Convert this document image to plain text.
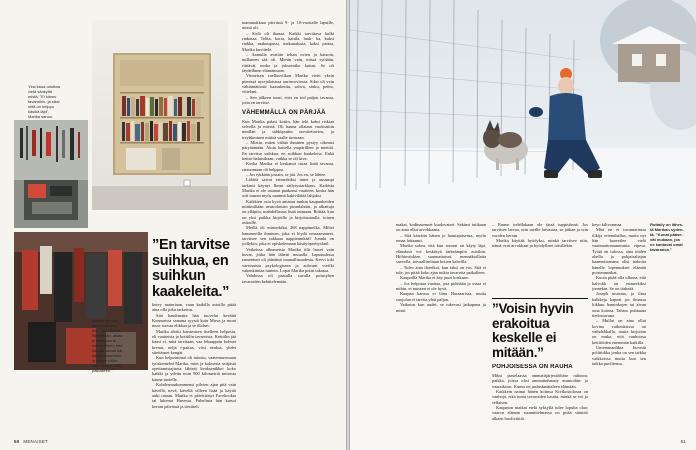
Yksi kaua odottaa
vielä sänkyltä
mistä. "Ei kiinnu
tavaroihin, ja siksi
niitä on helppo
käsikä läpi",
Marika sanoo.
Marika on mari-
talsut varasto-
tiin. "Jos lähtem-
hihtämään, aikaa
ja energiaa ei
mene siihen, että
haluan kamat kai-
kaista kaapeista
ja siihen yritän
laas nurvva niitä
paikalleen."
”En tarvitse suihkua, en suihkun kaakeleita.”

kinvy materiaan, vaan kaikilla asioilla pitää aina olla joku tarkoitus.

Sitä haudimatta hän tuovelui kevättä Konnarista samana syystä kuin Mirva ja moni muu: turvaa elikkaa ja se illalset.

Marika aloitti karsimisen itselleen helposta, eli vaatteista ja kotitilin tavaroista. Kotitilin jää kaasi ei, mitä tarvitaan, vaa lekaappiin kolmet brenut, neljä t-paitaa, viisi neulua, yhdet sitettänset kengät.

Kun helpoimmat oli tutustu, vaatemurrosaan työskenteleä Marika, mies ja kolmesta seitjästä opettamistajiseta lähteät keuksenikkei koko kaikki ja ydettu noin 900 kilometriä mitoista kauna tuotelle.

Kohdesnuukommensi pilvien ajan pitä vain kävellä, nevä, kävellä villeen lisää ja käyttä auki rataan. Marika ei päivitiäisyt Facebookia tai lukenut Huvesta. Puhelinta hän katsoi kerran päivässä ja tiesitteli

mammukkaat päivästä 9- ja 10-vuotialle lapsille, missä oli.

– Sielä oli ihanaa. Kaikki tarvittava kulki rinkassa. Teltta, koria, kattila, luuk- ka, kuksi rinkka, makuupussi, makuualusta, kaksi paitaa, Marika kuvittele.

– Aamulla avattiin teltan ovien ja katsoin, millainen sää oli. Mietin vain, missä syötään, riittävät ruoka ja jaksavatko kaisut. Se oli täydellinen elämämuoto.

Viimeisen vaellusviikon Marika vietti yksin pienissä nyrejalaisissa aurinvoviossa. Siksi oli vain välttämätöntä: kaasuketttu, sohva, säsku, peitto, viitelant.

– Sen jälkeen tunsi, ettei en tod paljon tavaraa, joita en tarvitse.

VÄHEMMÄLLÄ ON PÄRJÄÄ

Kun Marika palasi kotiin, hän teki kaksi riskiaa selvellä ja miertä. Oli hanna ollatasn vuokrattiin mmllan ja sähköputtin tavoitettaviea, ja ireyhkminen määrä vaalle tavaraan.

– Mietin, miten välätä ihminen pystyy oikeasti päryäämään. Aloin katsella ympärilleni ja miettiä. En tarvitse suihkua, en suihkun kaakeleita. Enkä keitto-haluisikaan, vaikka se oli kiva.

Koska Marika ei keskanut ostaa lisää tavaraa, ratsuomaan oli helppoa.

– Jos tykkään jostain, se jää. Jos en, se lähtee.

Lähtöä saivat esimerkiksi inner ja uusumpi tarkasti käynyt Ikean säilytystarkkaus. Kaikista Marika ei ole ostanut paakonsi vaatteen, koska hän osti tuuran myös saannut kakivilätää lahjaksi.

Kaikkien osia hyvä antanut tunkin kaupunkeiden mittimiltään neutrolaisiin pieanlahtiin, ja alkattuja on ylläpito, mahdollisuus lisää astmaan. Riittää, kun on yksi paikka kirjoille ja kirjoitustaulle, toinen astioille.

Meillä oli esimerkiksi 268 nappimeika. Miltei hammerilla ihminen, joka ei löydä omsaamaneet, tarvitsee sen rakkaaa nappiemnkää? Jonnki on joillekin, joka ei opiskelemaan käsityöperityshnil.

Vaikeissa albumeista Marika tilit lasset vain kuvat, jotka hän lähetti muualla. Lapsuudessa ramentuni oli jääninsä mamallisuudesta. Kesvi toki varsinaista psykologiseen ja aohvunt vreifkt vakenkiintaa tuntein. Lopat Marika pottti takassa.

Vahdossa oli paatulla suvalla poisnyhen tavaroiden kehittelemään.

50 MENAISET

makat, kodinasennet kuulovatset. Sekinst tuitkaan on aina ollut arvokkaana.

– Sitä kärrätin hänen jo haastajaisensa, mytin omaa laitaanni.

Marika sokea, että kun tavarat on käyty läpi, elämässä voi keskittyä tärkeämpiin asioihin. Hiihtosöskien suunnattuiset, mennäkoillatta saavolla, taivaalliseltaan kotion kahvilla.

– Tuleo aina ilotetkoi, kun taksi on vas. Sitä ei tule, jos pitää koko ajan tutkia tavaroita paikalleen.

Kaupoilla Marika ei käy juuri koskaan.

– Jos helpotaa vaattaa, jota pidetään ja ostaa ei mihin, ei muuten ei ole hyvä.

Kaupan kanssa ei liinu Haraaarissa, mutta suojolan ei tarvita yhtä paljon.

Vaikutus kun uudet, se tukevasi jatkapuna ja minä.

– Emme todellakaan ole tässä tuppisiinnä. Jos tarvitsee laivaa, niin meille laivastaa, se jatkan ja tein vuoden kerran.

Marika käyttää hyödyksi, minkä tarvitsee niin, nämä ovat arvokkaat ja hyödylliset toisillekin.

”Voisin hyvin erakoitua keskelle ei mitään.”
POHJOISESSA ON RAUHA

Miksi jaaselaassa ammattijärjestöiltäse ruhinoa; paikka, joissa olisi ammatinhausty asuntoihin: ja vaaraikoon. Kunsa on jaaluskmätaleen elämään.

Kaikkein nainut hänen kotinsa Kivikostolossa on vanhoja, eikä tuntu tavaroiden kautta, minkä se voi ja sellaisen.

Kaupaton matkat etelä syksyllä tulee lopulta olaa; vaaron eläman suunnittelmassa on pitää säästöö alkaen huoliviittiä.

keyo kilivonmaa.

Mitä ne ei tuvamatinsui ilikija eriemihallas, mutta nyt hän haaveilee vielä vaatimattomammasta eipesa. Työtä on tulossa, aina töiden ohella ja pohjaisaliajan kaanenttomana olisi tarkoita hänelle lopennukset elämän poistenmatkat.

Kuota pitää olla ulkona, että kalvokk on esimerkiksi jonnekin. Se on tärkeää.

Joseph muistaa, ja ilma kalkkeja kapeat jos ilmassa liikkuu haminkojen tai aivan oma kotona. Tahtoo puhtaana tiedostavana.

– Mullai on aina ollut kovina vaikeuksissa tai vaihdokkalla, mutta kirjoitan on muka, että vanhoissa keittiöiden enemmän kaikilla.

Umemmanlikta hirveää polittiikka jonka on sen taikka vaikkoissa mutta kun sen taikka puolitensa.

Rottaily on lähes-
tä Marikan syden-
tä. "Kunat pääse-
vät mukaan, jos
ne kantavat omat
tavaransa."
51
